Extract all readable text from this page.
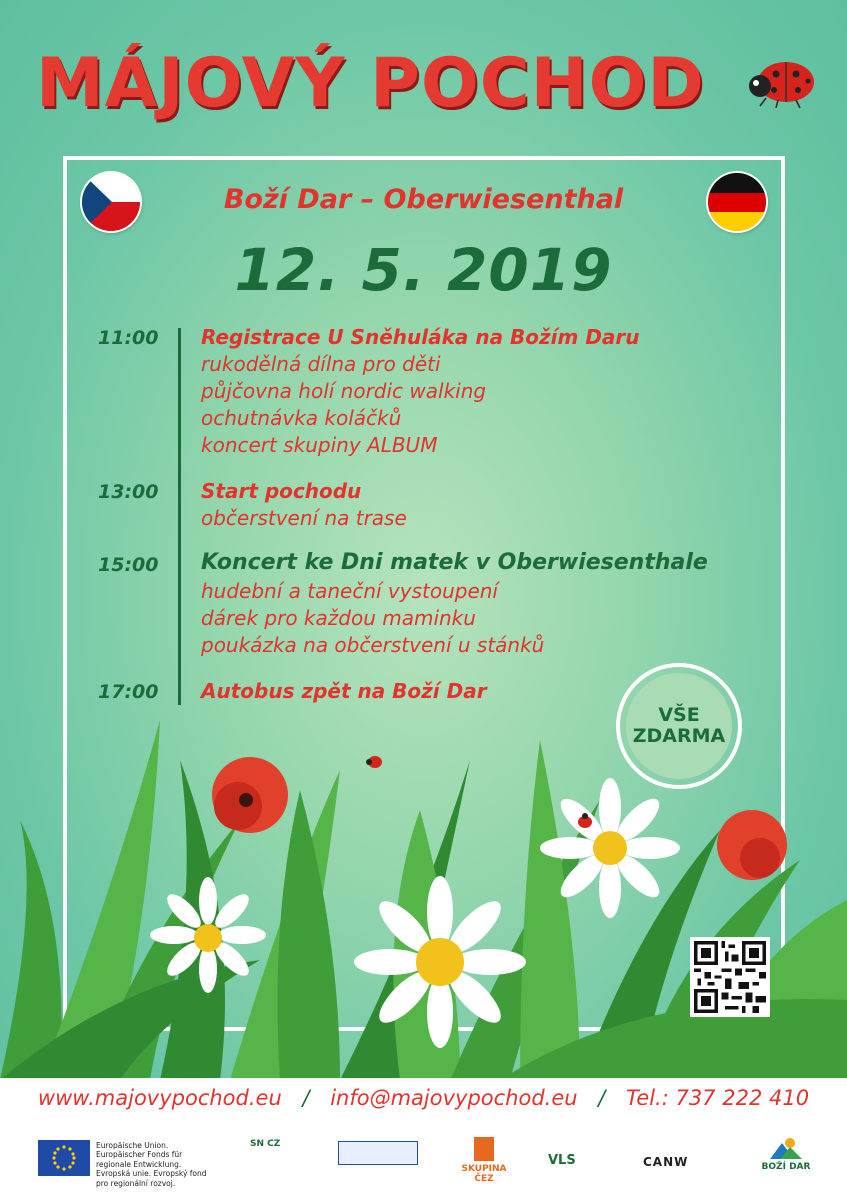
MÁJOVÝ POCHOD
Boží Dar – Oberwiesenthal
12. 5. 2019
11:00 Registrace U Sněhuláka na Božím Daru
rukodělná dílna pro děti
půjčovna holí nordic walking
ochutnávka koláčků
koncert skupiny ALBUM
13:00 Start pochodu
občerstvení na trase
15:00 Koncert ke Dni matek v Oberwiesenthale
hudební a taneční vystoupení
dárek pro každou maminku
poukázka na občerstvení u stánků
17:00 Autobus zpět na Boží Dar
VŠE
ZDARMA
www.majovypochod.eu / info@majovypochod.eu / Tel.: 737 222 410
Europäische Union. Europäischer Fonds für regionale Entwicklung. Evropská unie. Evropský fond pro regionální rozvoj.
SN CZ
SKUPINA ČEZ
VLS	CANW	BOŽÍ DAR
